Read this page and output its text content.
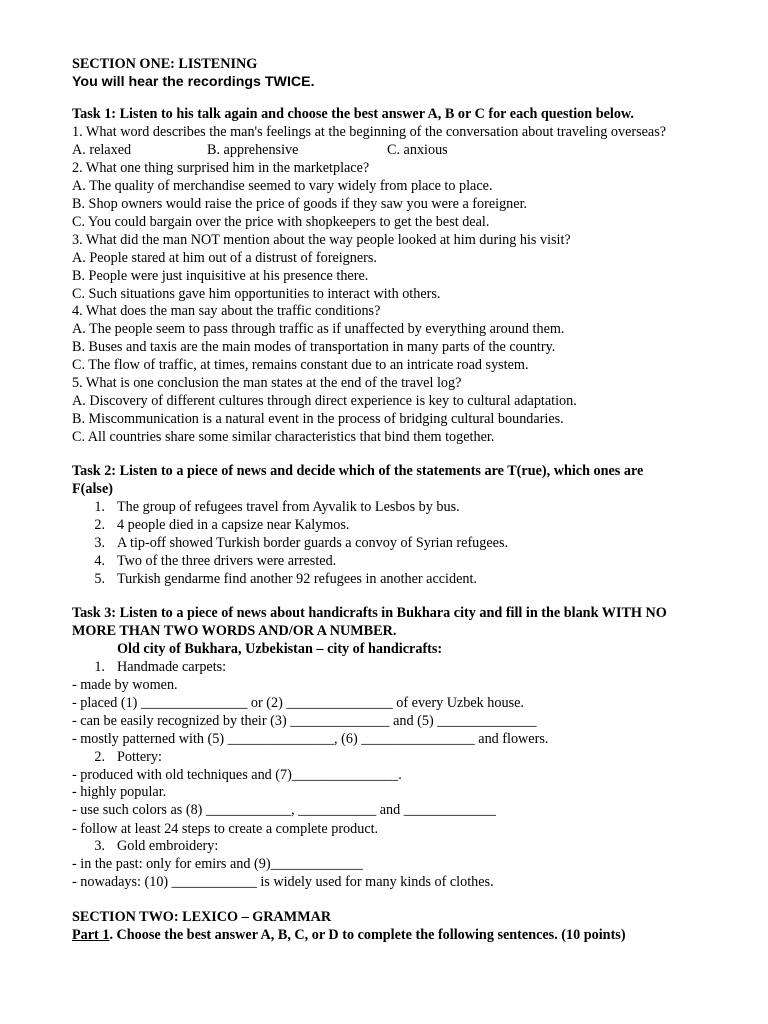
SECTION ONE: LISTENING
You will hear the recordings TWICE.
Task 1: Listen to his talk again and choose the best answer A, B or C for each question below.
1. What word describes the man's feelings at the beginning of the conversation about traveling overseas?
A. relaxed	B. apprehensive	C. anxious
2. What one thing surprised him in the marketplace?
A. The quality of merchandise seemed to vary widely from place to place.
B. Shop owners would raise the price of goods if they saw you were a foreigner.
C. You could bargain over the price with shopkeepers to get the best deal.
3. What did the man NOT mention about the way people looked at him during his visit?
A. People stared at him out of a distrust of foreigners.
B. People were just inquisitive at his presence there.
C. Such situations gave him opportunities to interact with others.
4. What does the man say about the traffic conditions?
A. The people seem to pass through traffic as if unaffected by everything around them.
B. Buses and taxis are the main modes of transportation in many parts of the country.
C. The flow of traffic, at times, remains constant due to an intricate road system.
5. What is one conclusion the man states at the end of the travel log?
A. Discovery of different cultures through direct experience is key to cultural adaptation.
B. Miscommunication is a natural event in the process of bridging cultural boundaries.
C. All countries share some similar characteristics that bind them together.
Task 2: Listen to a piece of news and decide which of the statements are T(rue), which ones are
F(alse)
1. The group of refugees travel from Ayvalik to Lesbos by bus.
2. 4 people died in a capsize near Kalymos.
3. A tip-off showed Turkish border guards a convoy of Syrian refugees.
4. Two of the three drivers were arrested.
5. Turkish gendarme find another 92 refugees in another accident.
Task 3: Listen to a piece of news about handicrafts in Bukhara city and fill in the blank WITH NO
MORE THAN TWO WORDS AND/OR A NUMBER.
Old city of Bukhara, Uzbekistan – city of handicrafts:
1. Handmade carpets:
- made by women.
- placed (1) _______________ or (2) _______________ of every Uzbek house.
- can be easily recognized by their (3) ______________ and (5) ______________
- mostly patterned with (5) _______________, (6) ________________ and flowers.
2. Pottery:
- produced with old techniques and (7)_______________.
- highly popular.
- use such colors as (8) ____________, ___________ and _____________
- follow at least 24 steps to create a complete product.
3. Gold embroidery:
- in the past: only for emirs and (9)_____________
- nowadays: (10) ____________ is widely used for many kinds of clothes.
SECTION TWO: LEXICO – GRAMMAR
Part 1. Choose the best answer A, B, C, or D to complete the following sentences. (10 points)
